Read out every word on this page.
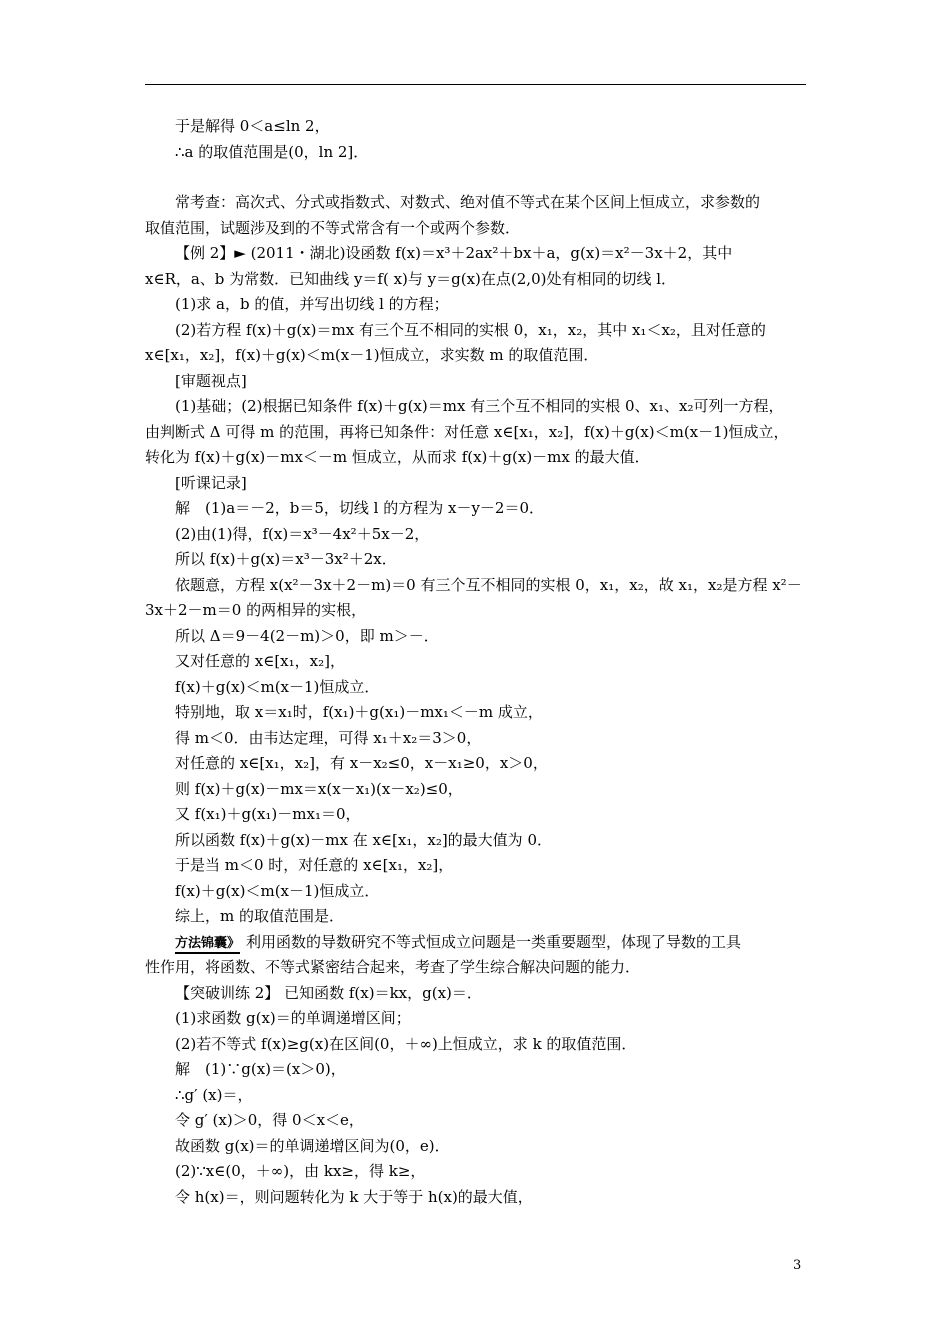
于是解得 0＜a≤ln 2，
∴a 的取值范围是(0，ln 2]．
常考查：高次式、分式或指数式、对数式、绝对值不等式在某个区间上恒成立，求参数的
取值范围，试题涉及到的不等式常含有一个或两个参数．
【例 2】► (2011・湖北)设函数 f(x)＝x³＋2ax²＋bx＋a，g(x)＝x²－3x＋2，其中
x∈R，a、b 为常数．已知曲线 y＝f( x)与 y＝g(x)在点(2,0)处有相同的切线 l．
(1)求 a，b 的值，并写出切线 l 的方程；
(2)若方程 f(x)＋g(x)＝mx 有三个互不相同的实根 0，x₁，x₂，其中 x₁＜x₂，且对任意的
x∈[x₁，x₂]，f(x)＋g(x)＜m(x－1)恒成立，求实数 m 的取值范围．
[审题视点]
(1)基础；(2)根据已知条件 f(x)＋g(x)＝mx 有三个互不相同的实根 0、x₁、x₂可列一方程，
由判断式 Δ 可得 m 的范围，再将已知条件：对任意 x∈[x₁，x₂]，f(x)＋g(x)＜m(x－1)恒成立，
转化为 f(x)＋g(x)－mx＜－m 恒成立，从而求 f(x)＋g(x)－mx 的最大值．
[听课记录]
解　(1)a＝－2，b＝5，切线 l 的方程为 x－y－2＝0．
(2)由(1)得，f(x)＝x³－4x²＋5x－2，
所以 f(x)＋g(x)＝x³－3x²＋2x．
依题意，方程 x(x²－3x＋2－m)＝0 有三个互不相同的实根 0，x₁，x₂，故 x₁，x₂是方程 x²－
3x＋2－m＝0 的两相异的实根，
所以 Δ＝9－4(2－m)＞0，即 m＞－．
又对任意的 x∈[x₁，x₂]，
f(x)＋g(x)＜m(x－1)恒成立．
特别地，取 x＝x₁时，f(x₁)＋g(x₁)－mx₁＜－m 成立，
得 m＜0．由韦达定理，可得 x₁＋x₂＝3＞0，
对任意的 x∈[x₁，x₂]，有 x－x₂≤0，x－x₁≥0，x＞0，
则 f(x)＋g(x)－mx＝x(x－x₁)(x－x₂)≤0，
又 f(x₁)＋g(x₁)－mx₁＝0，
所以函数 f(x)＋g(x)－mx 在 x∈[x₁，x₂]的最大值为 0．
于是当 m＜0 时，对任意的 x∈[x₁，x₂]，
f(x)＋g(x)＜m(x－1)恒成立．
综上，m 的取值范围是．
方法锦囊》 利用函数的导数研究不等式恒成立问题是一类重要题型，体现了导数的工具
性作用，将函数、不等式紧密结合起来，考查了学生综合解决问题的能力．
【突破训练 2】 已知函数 f(x)＝kx，g(x)＝．
(1)求函数 g(x)＝的单调递增区间；
(2)若不等式 f(x)≥g(x)在区间(0，＋∞)上恒成立，求 k 的取值范围．
解　(1)∵g(x)＝(x＞0)，
∴g′ (x)＝，
令 g′ (x)＞0，得 0＜x＜e，
故函数 g(x)＝的单调递增区间为(0，e)．
(2)∵x∈(0，＋∞)，由 kx≥，得 k≥，
令 h(x)＝，则问题转化为 k 大于等于 h(x)的最大值，
3
